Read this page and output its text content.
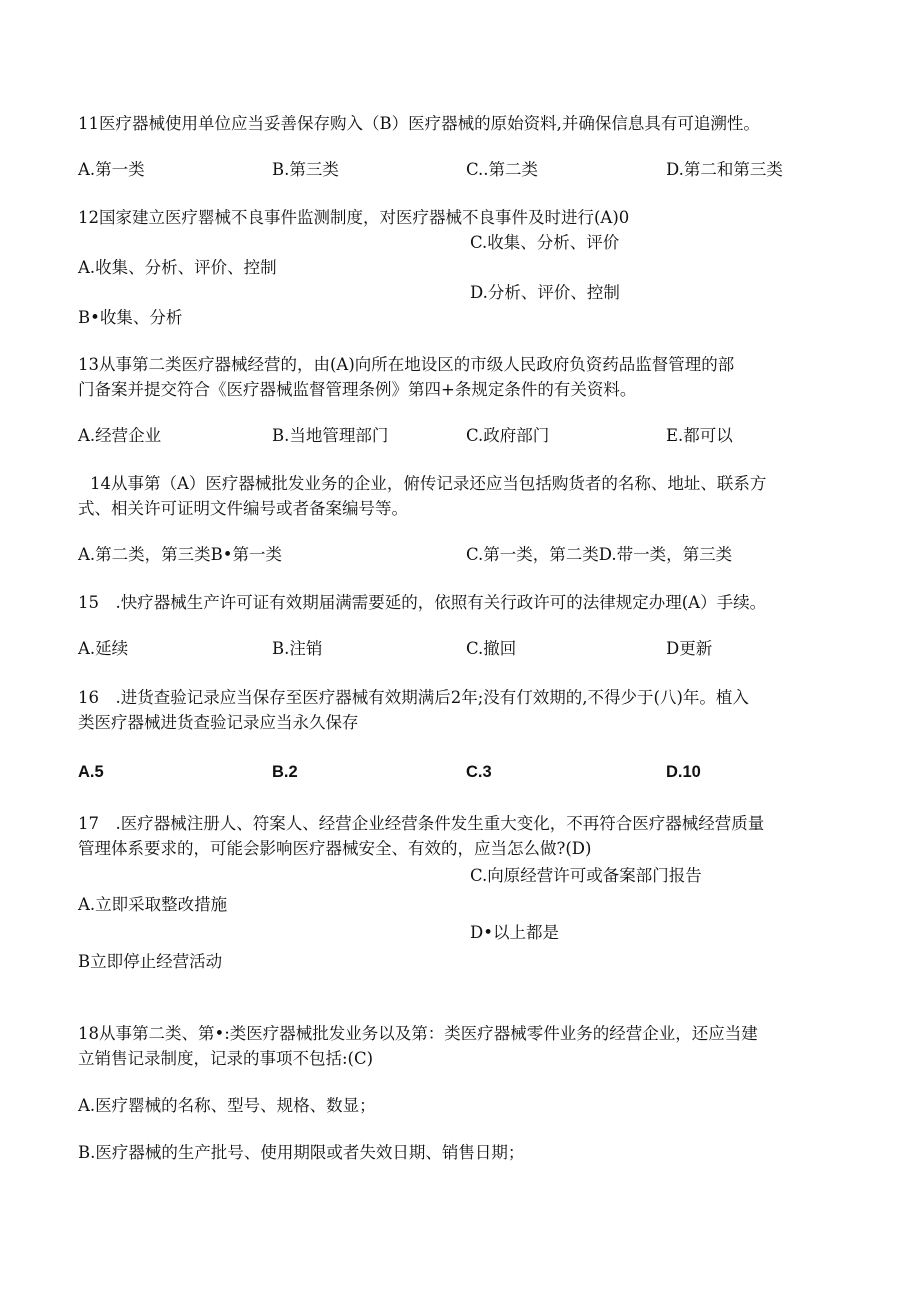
11医疗器械使用单位应当妥善保存购入（B）医疗器械的原始资料,并确保信息具有可追溯性。
A.第一类	B.第三类	C..第二类	D.第二和第三类
12国家建立医疗罂械不良事件监测制度，对医疗器械不良事件及时进行(A)0
C.收集、分析、评价
A.收集、分析、评价、控制
D.分析、评价、控制
B•收集、分析
13从事第二类医疗器械经营的，由(A)向所在地设区的市级人民政府负资药品监督管理的部
门备案并提交符合《医疗器械监督管理条例》第四+条规定条件的有关资料。
A.经营企业	B.当地管理部门	C.政府部门	E.都可以
14从事第（A）医疗器械批发业务的企业，俯传记录还应当包括购货者的名称、地址、联系方
式、相关许可证明文件编号或者备案编号等。
A.第二类，第三类B•第一类	C.第一类，第二类D.带一类，第三类
15　.快疗器械生产许可证有效期届满需要延的，依照有关行政许可的法律规定办理(A）手续。
A.延续	B.注销	C.撤回	D更新
16　.进货查验记录应当保存至医疗器械有效期满后2年;没有仃效期的,不得少于(八)年。植入
类医疗器械进货查验记录应当永久保存
A.5	B.2	C.3	D.10
17　.医疗器械注册人、符案人、经营企业经营条件发生重大变化，不再符合医疗器械经营质量
管理体系要求的，可能会影响医疗器械安全、有效的，应当怎么做?(D)
C.向原经营许可或备案部门报告
A.立即采取整改措施
D•以上都是
B立即停止经营活动
18从事第二类、第•:类医疗器械批发业务以及第：类医疗器械零件业务的经营企业，还应当建
立销售记录制度，记录的事项不包括:(C)
A.医疗罂械的名称、型号、规格、数显；
B.医疗器械的生产批号、使用期限或者失效日期、销售日期；
